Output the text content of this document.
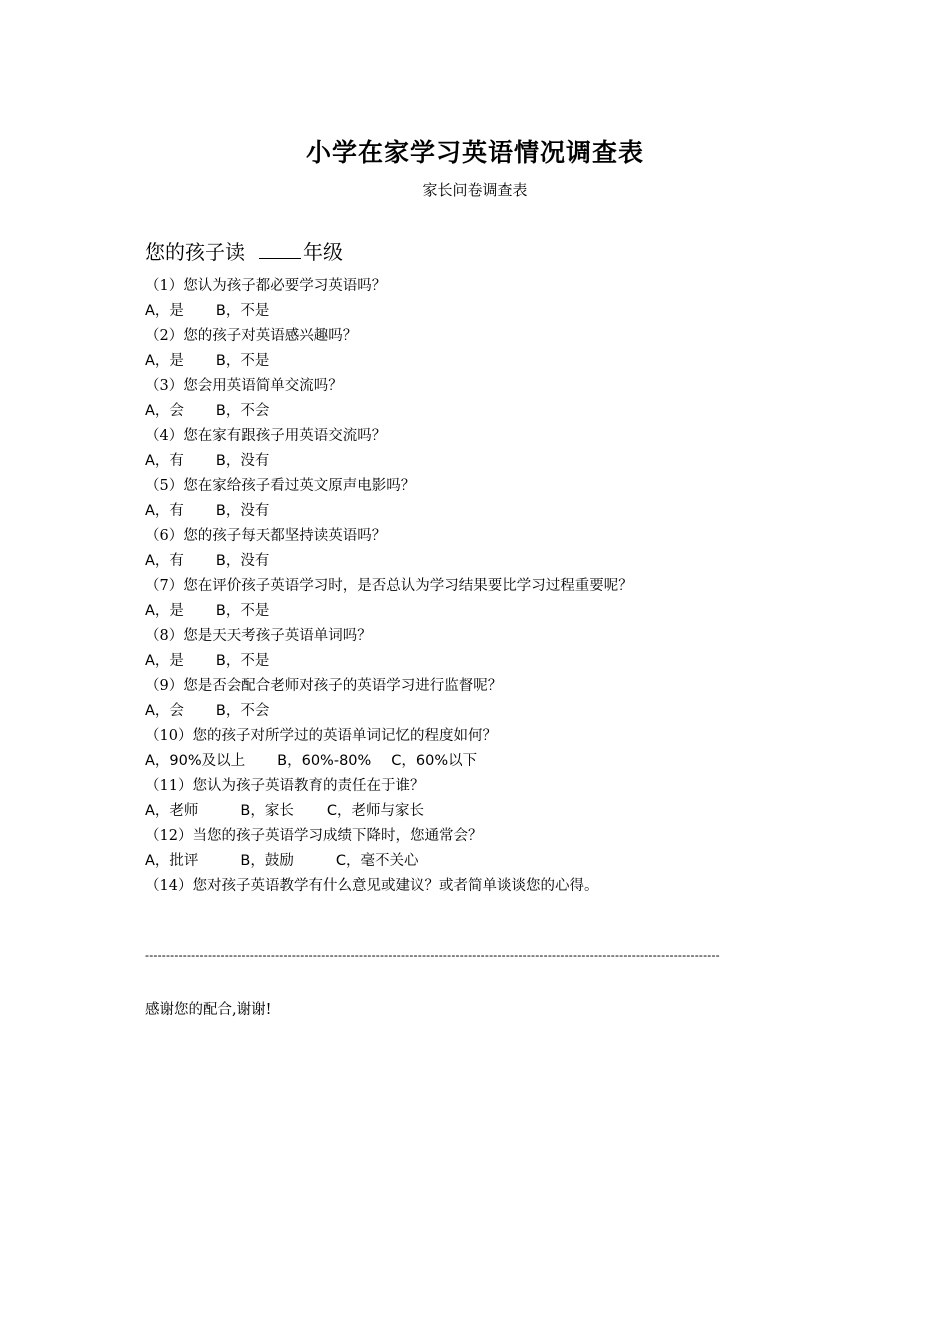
小学在家学习英语情况调查表
家长问卷调查表
您的孩子读	年级
（1）您认为孩子都必要学习英语吗？
A，是 B，不是
（2）您的孩子对英语感兴趣吗？
A，是 B，不是
（3）您会用英语简单交流吗？
A，会 B，不会
（4）您在家有跟孩子用英语交流吗？
A，有 B，没有
（5）您在家给孩子看过英文原声电影吗？
A，有 B，没有
（6）您的孩子每天都坚持读英语吗？
A，有 B，没有
（7）您在评价孩子英语学习时，是否总认为学习结果要比学习过程重要呢？
A，是 B，不是
（8）您是天天考孩子英语单词吗？
A，是 B，不是
（9）您是否会配合老师对孩子的英语学习进行监督呢？
A，会 B，不会
（10）您的孩子对所学过的英语单词记忆的程度如何？
A，90%及以上 B，60%-80% C，60%以下
（11）您认为孩子英语教育的责任在于谁？
A，老师	B，家长 C，老师与家长
（12）当您的孩子英语学习成绩下降时，您通常会？
A，批评	B，鼓励	C，毫不关心
（14）您对孩子英语教学有什么意见或建议？或者简单谈谈您的心得。
-----------------------------------------------------------------------------------------------------------------------------------------
感谢您的配合,谢谢!
